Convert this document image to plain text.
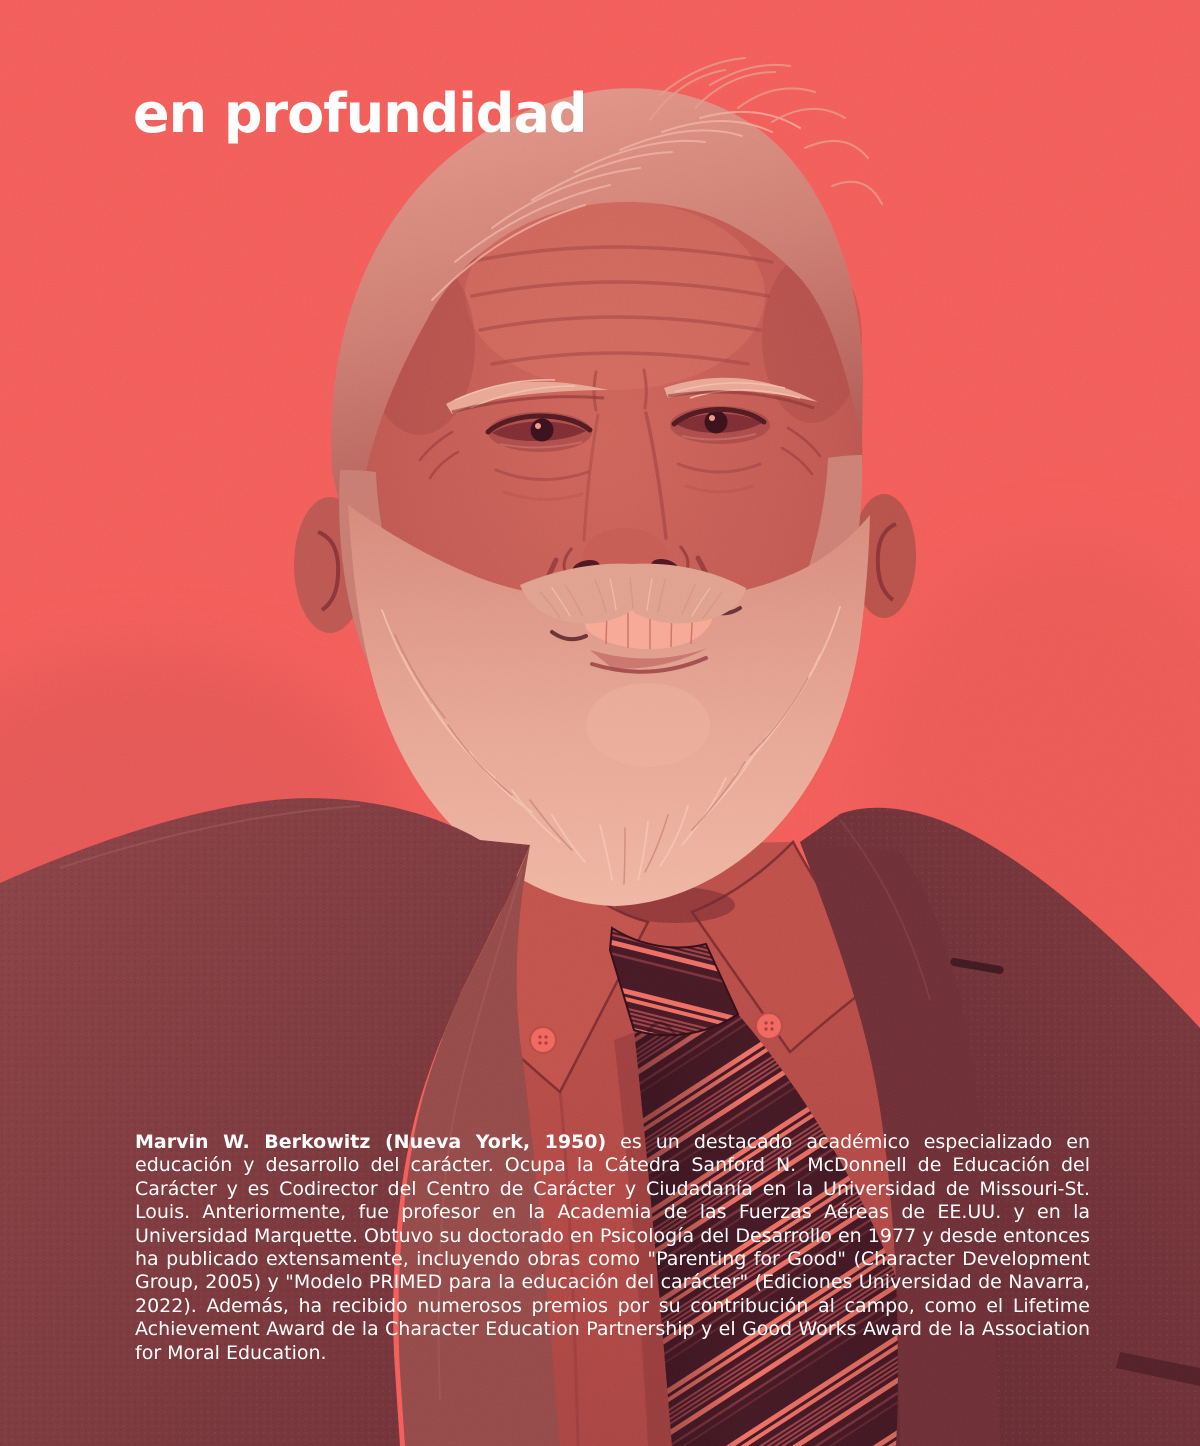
en profundidad

Marvin W. Berkowitz (Nueva York, 1950) es un destacado académico especializado en educación y desarrollo del carácter. Ocupa la Cátedra Sanford N. McDonnell de Educación del Carácter y es Codirector del Centro de Carácter y Ciudadanía en la Universidad de Missouri-St. Louis. Anteriormente, fue profesor en la Academia de las Fuerzas Aéreas de EE.UU. y en la Universidad Marquette. Obtuvo su doctorado en Psicología del Desarrollo en 1977 y desde entonces ha publicado extensamente, incluyendo obras como "Parenting for Good" (Character Development Group, 2005) y "Modelo PRIMED para la educación del carácter" (Ediciones Universidad de Navarra, 2022). Además, ha recibido numerosos premios por su contribución al campo, como el Lifetime Achievement Award de la Character Education Partnership y el Good Works Award de la Association for Moral Education.
